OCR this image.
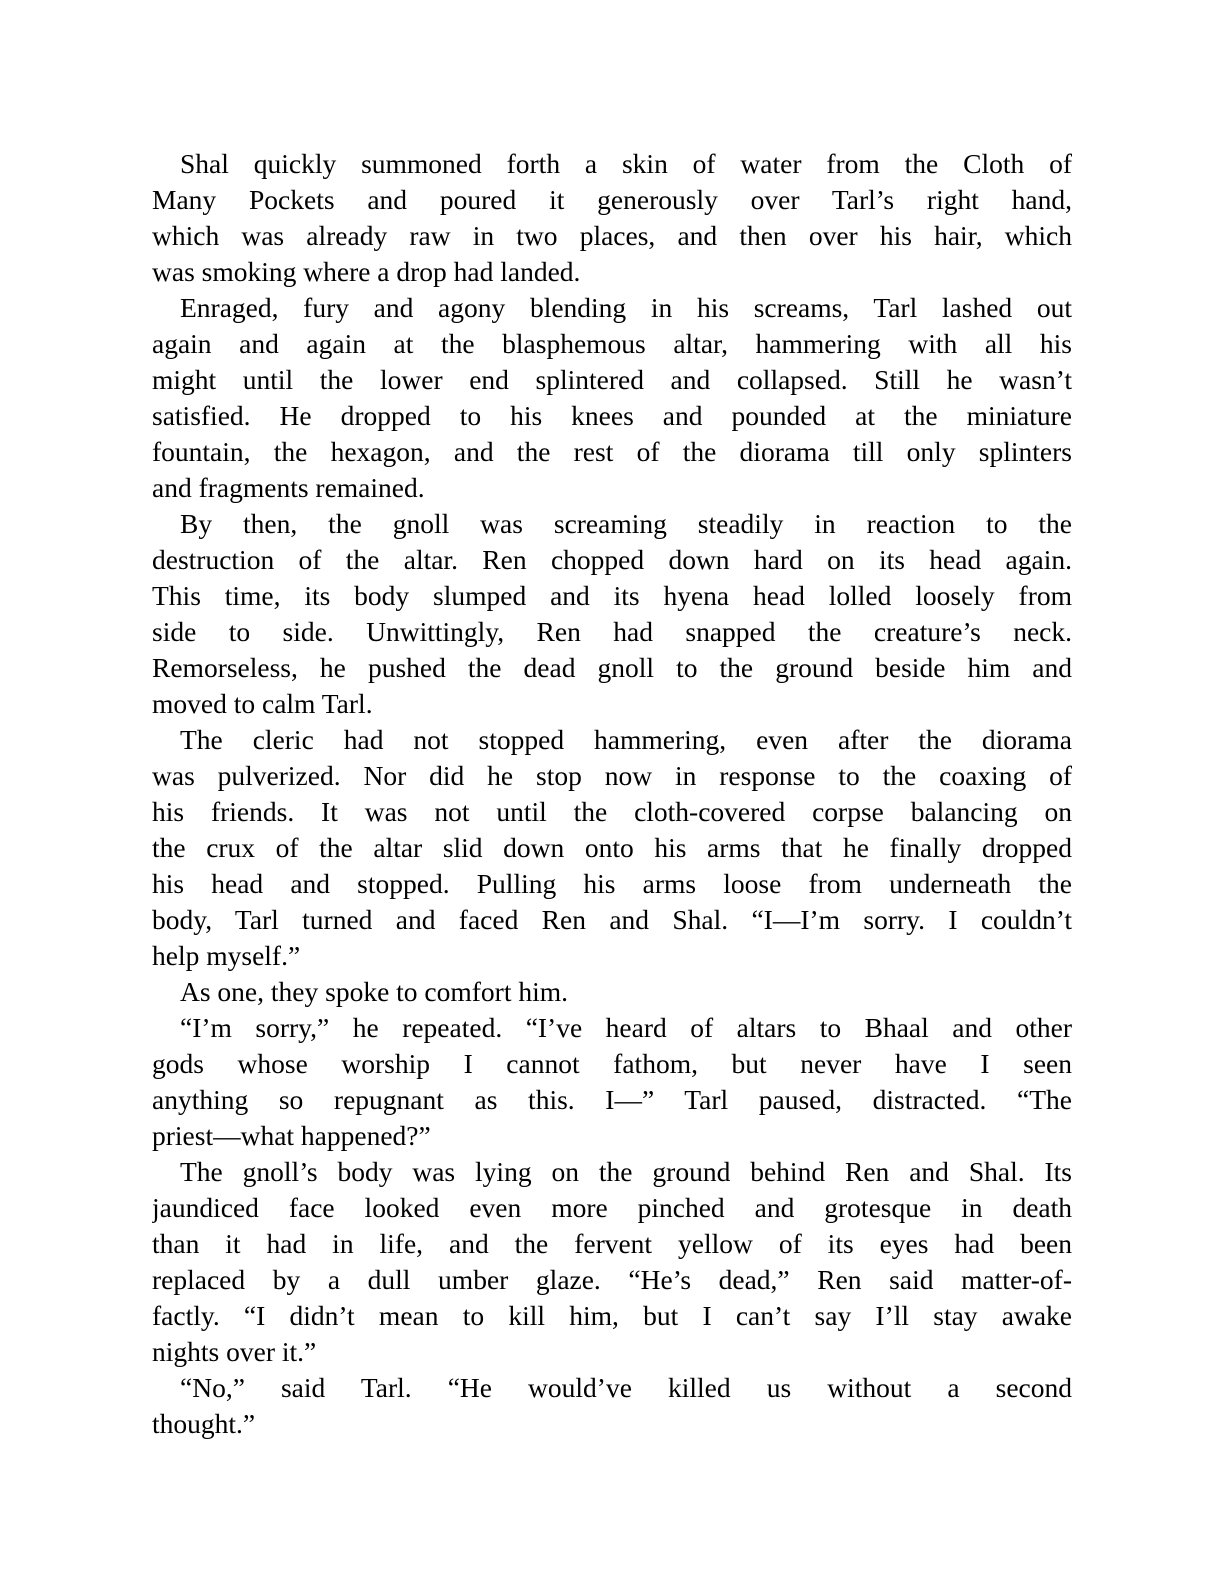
Shal quickly summoned forth a skin of water from the Cloth of
Many Pockets and poured it generously over Tarl’s right hand,
which was already raw in two places, and then over his hair, which
was smoking where a drop had landed.

Enraged, fury and agony blending in his screams, Tarl lashed out
again and again at the blasphemous altar, hammering with all his
might until the lower end splintered and collapsed. Still he wasn’t
satisfied. He dropped to his knees and pounded at the miniature
fountain, the hexagon, and the rest of the diorama till only splinters
and fragments remained.

By then, the gnoll was screaming steadily in reaction to the
destruction of the altar. Ren chopped down hard on its head again.
This time, its body slumped and its hyena head lolled loosely from
side to side. Unwittingly, Ren had snapped the creature’s neck.
Remorseless, he pushed the dead gnoll to the ground beside him and
moved to calm Tarl.

The cleric had not stopped hammering, even after the diorama
was pulverized. Nor did he stop now in response to the coaxing of
his friends. It was not until the cloth-covered corpse balancing on
the crux of the altar slid down onto his arms that he finally dropped
his head and stopped. Pulling his arms loose from underneath the
body, Tarl turned and faced Ren and Shal. “I—I’m sorry. I couldn’t
help myself.”

As one, they spoke to comfort him.

“I’m sorry,” he repeated. “I’ve heard of altars to Bhaal and other
gods whose worship I cannot fathom, but never have I seen
anything so repugnant as this. I—” Tarl paused, distracted. “The
priest—what happened?”

The gnoll’s body was lying on the ground behind Ren and Shal. Its
jaundiced face looked even more pinched and grotesque in death
than it had in life, and the fervent yellow of its eyes had been
replaced by a dull umber glaze. “He’s dead,” Ren said matter-of-
factly. “I didn’t mean to kill him, but I can’t say I’ll stay awake
nights over it.”

“No,” said Tarl. “He would’ve killed us without a second
thought.”
